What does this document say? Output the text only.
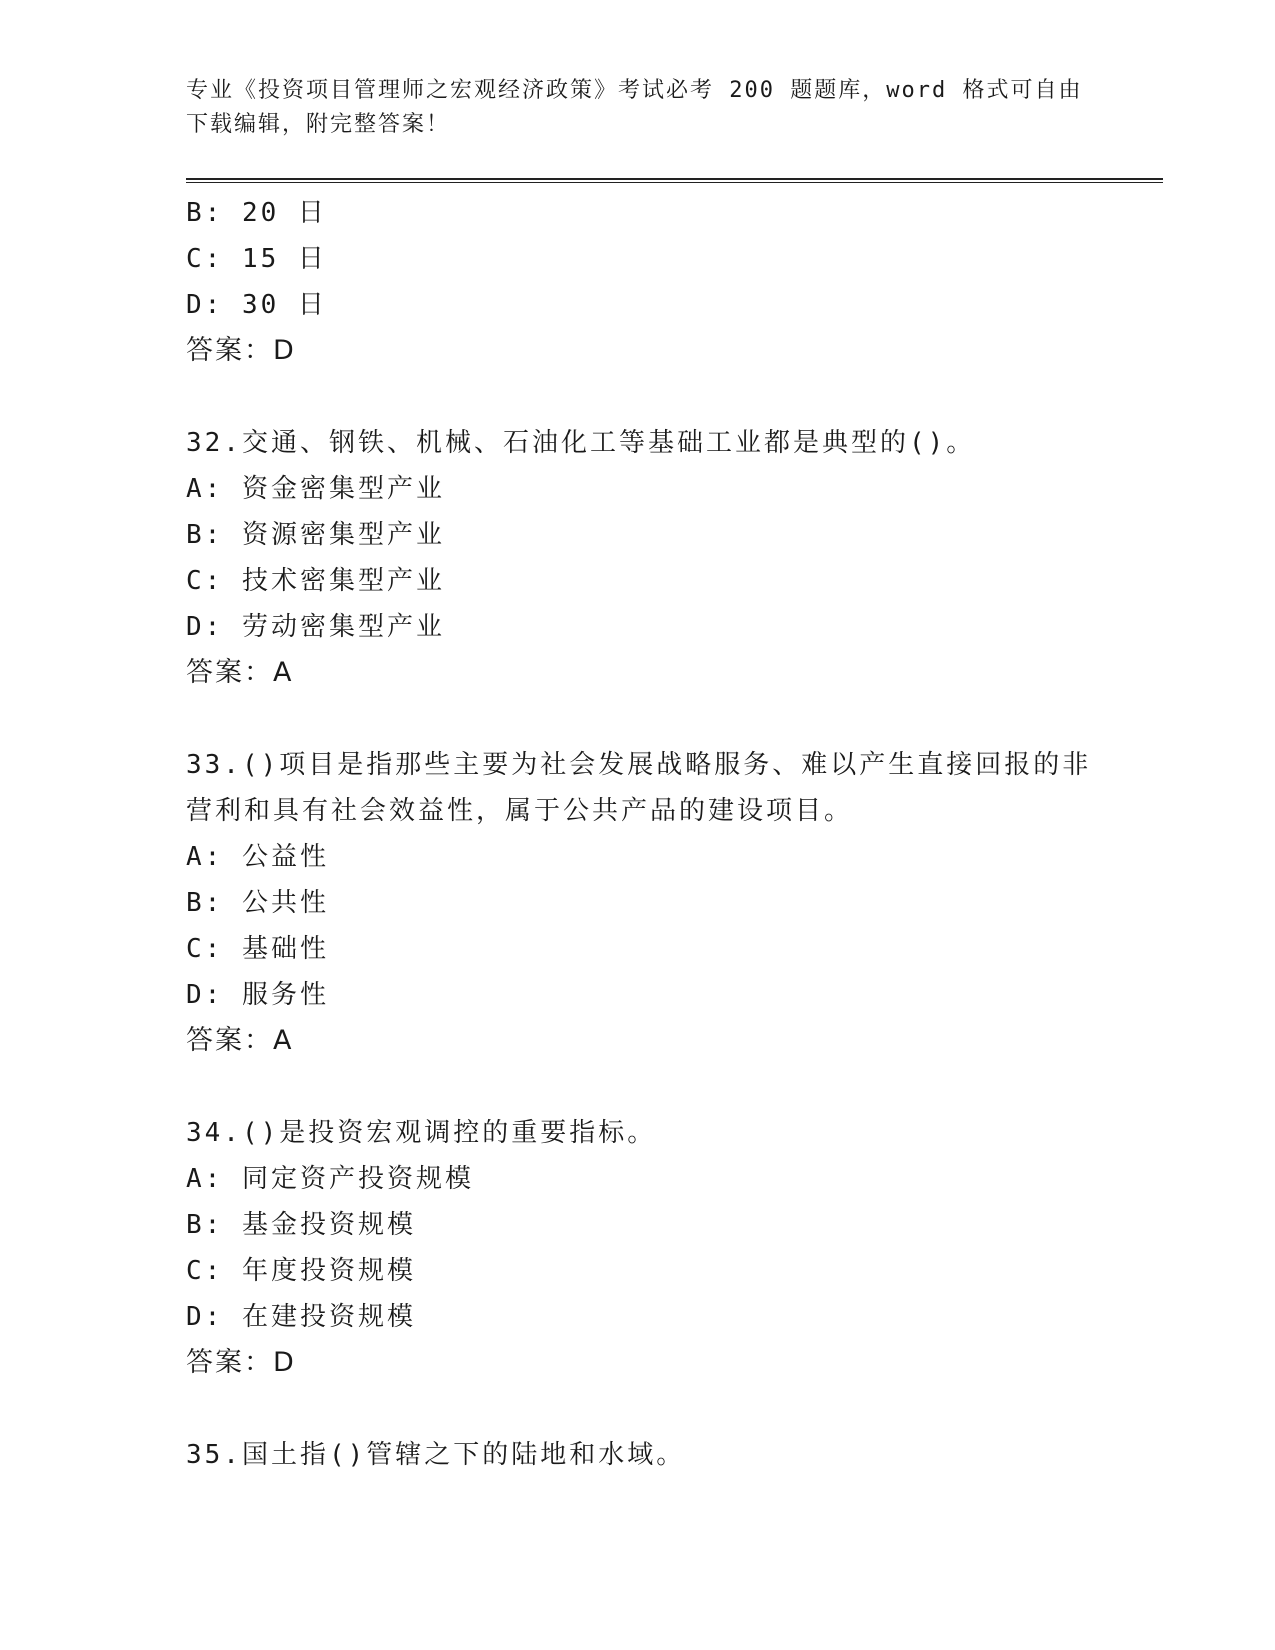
专业《投资项目管理师之宏观经济政策》考试必考 200 题题库，word 格式可自由
下载编辑，附完整答案！
B: 20 日
C: 15 日
D: 30 日
答案：D
32.交通、钢铁、机械、石油化工等基础工业都是典型的()。
A: 资金密集型产业
B: 资源密集型产业
C: 技术密集型产业
D: 劳动密集型产业
答案：A
33.()项目是指那些主要为社会发展战略服务、难以产生直接回报的非
营利和具有社会效益性，属于公共产品的建设项目。
A: 公益性
B: 公共性
C: 基础性
D: 服务性
答案：A
34.()是投资宏观调控的重要指标。
A: 同定资产投资规模
B: 基金投资规模
C: 年度投资规模
D: 在建投资规模
答案：D
35.国土指()管辖之下的陆地和水域。
